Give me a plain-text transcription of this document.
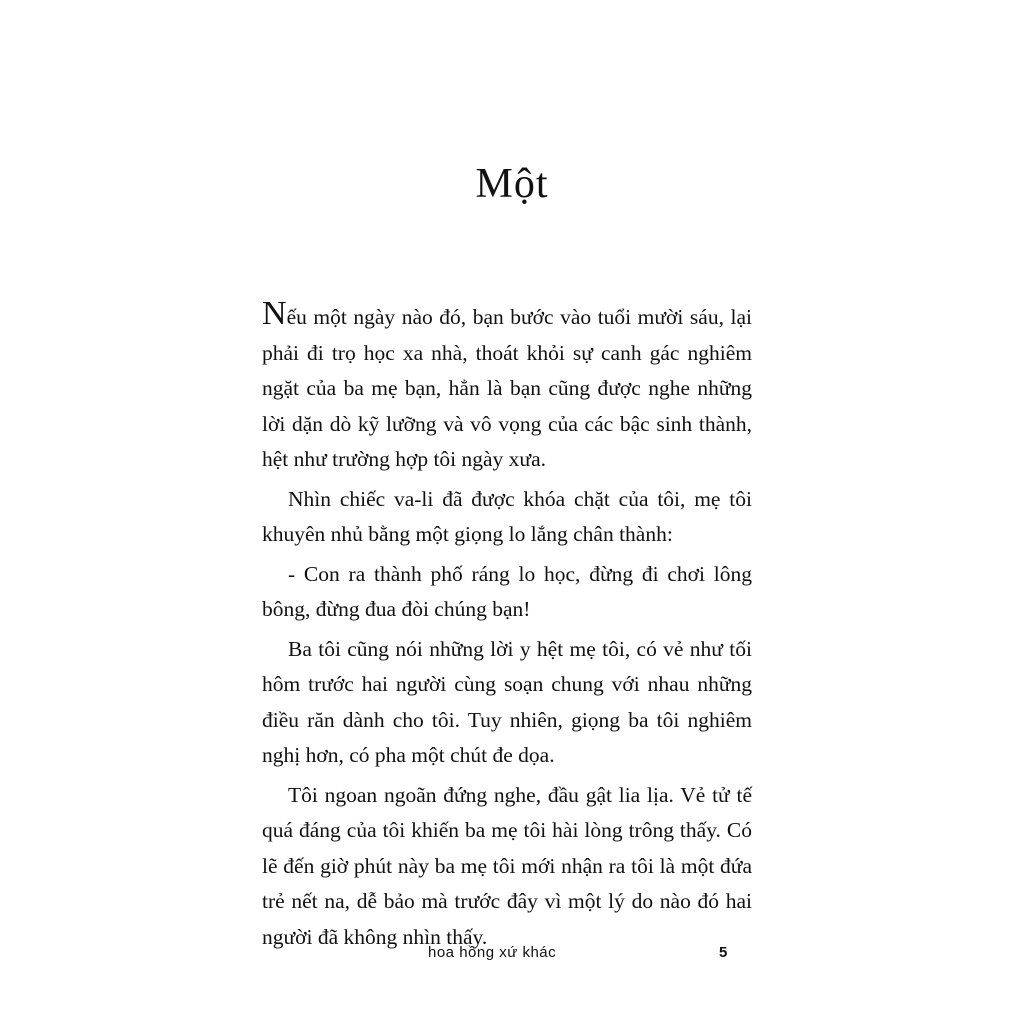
Một

Nếu một ngày nào đó, bạn bước vào tuổi mười sáu, lại phải đi trọ học xa nhà, thoát khỏi sự canh gác nghiêm ngặt của ba mẹ bạn, hẳn là bạn cũng được nghe những lời dặn dò kỹ lưỡng và vô vọng của các bậc sinh thành, hệt như trường hợp tôi ngày xưa.

Nhìn chiếc va-li đã được khóa chặt của tôi, mẹ tôi khuyên nhủ bằng một giọng lo lắng chân thành:

- Con ra thành phố ráng lo học, đừng đi chơi lông bông, đừng đua đòi chúng bạn!

Ba tôi cũng nói những lời y hệt mẹ tôi, có vẻ như tối hôm trước hai người cùng soạn chung với nhau những điều răn dành cho tôi. Tuy nhiên, giọng ba tôi nghiêm nghị hơn, có pha một chút đe dọa.

Tôi ngoan ngoãn đứng nghe, đầu gật lia lịa. Vẻ tử tế quá đáng của tôi khiến ba mẹ tôi hài lòng trông thấy. Có lẽ đến giờ phút này ba mẹ tôi mới nhận ra tôi là một đứa trẻ nết na, dễ bảo mà trước đây vì một lý do nào đó hai người đã không nhìn thấy.

hoa hồng xứ khác	5
